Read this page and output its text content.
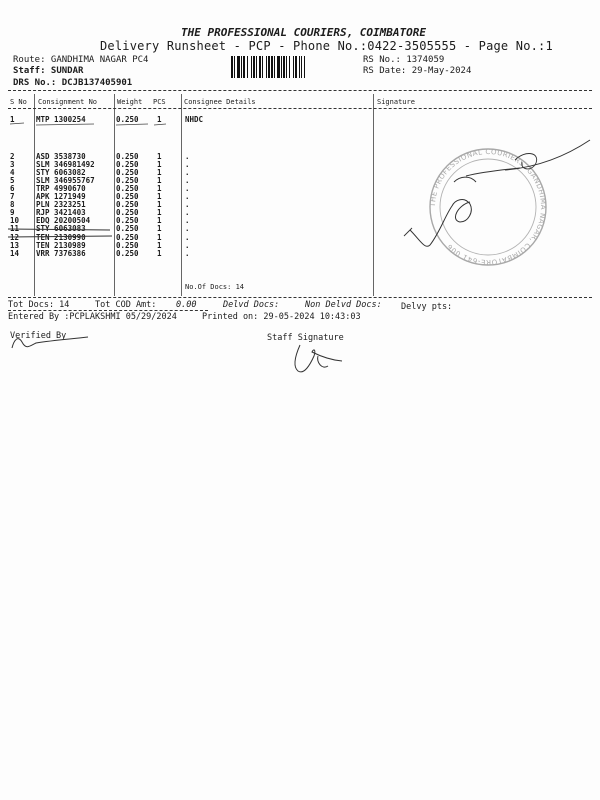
THE PROFESSIONAL COURIERS, COIMBATORE
Delivery Runsheet - PCP - Phone No.:0422-3505555 - Page No.:1
Route: GANDHIMA NAGAR PC4
Staff: SUNDAR
DRS No.: DCJB137405901
RS No.: 1374059
RS Date: 29-May-2024
S No Consignment No	Weight PCS	Consignee Details	Signature
1	MTP 1300254	0.250 1	NHDC
2	ASD 3538730	0.250 1	.
3	SLM 346981492	0.250 1	.
4	STY 6063082	0.250 1	.
5	SLM 346955767	0.250 1	.
6	TRP 4990670	0.250 1	.
7	APK 1271949	0.250 1	.
8	PLN 2323251	0.250 1	.
9	RJP 3421403	0.250 1	.
10 EDQ 20200504	0.250 1	.
11 STY 6063083	0.250 1	.
12 TEN 2130990	0.250 1	.
13 TEN 2130989	0.250 1	.
14 VRR 7376386	0.250 1	.
No.Of Docs: 14
Tot Docs: 14	Tot COD Amt: 0.00	Delvd Docs:	Non Delvd Docs: Delvy pts:
Entered By :PCPLAKSHMI 05/29/2024	Printed on: 29-05-2024 10:43:03
Verified By	Staff Signature
THE PROFESSIONAL COURIERS, GANDHIMA NAGAR, COIMBATORE-641 006
